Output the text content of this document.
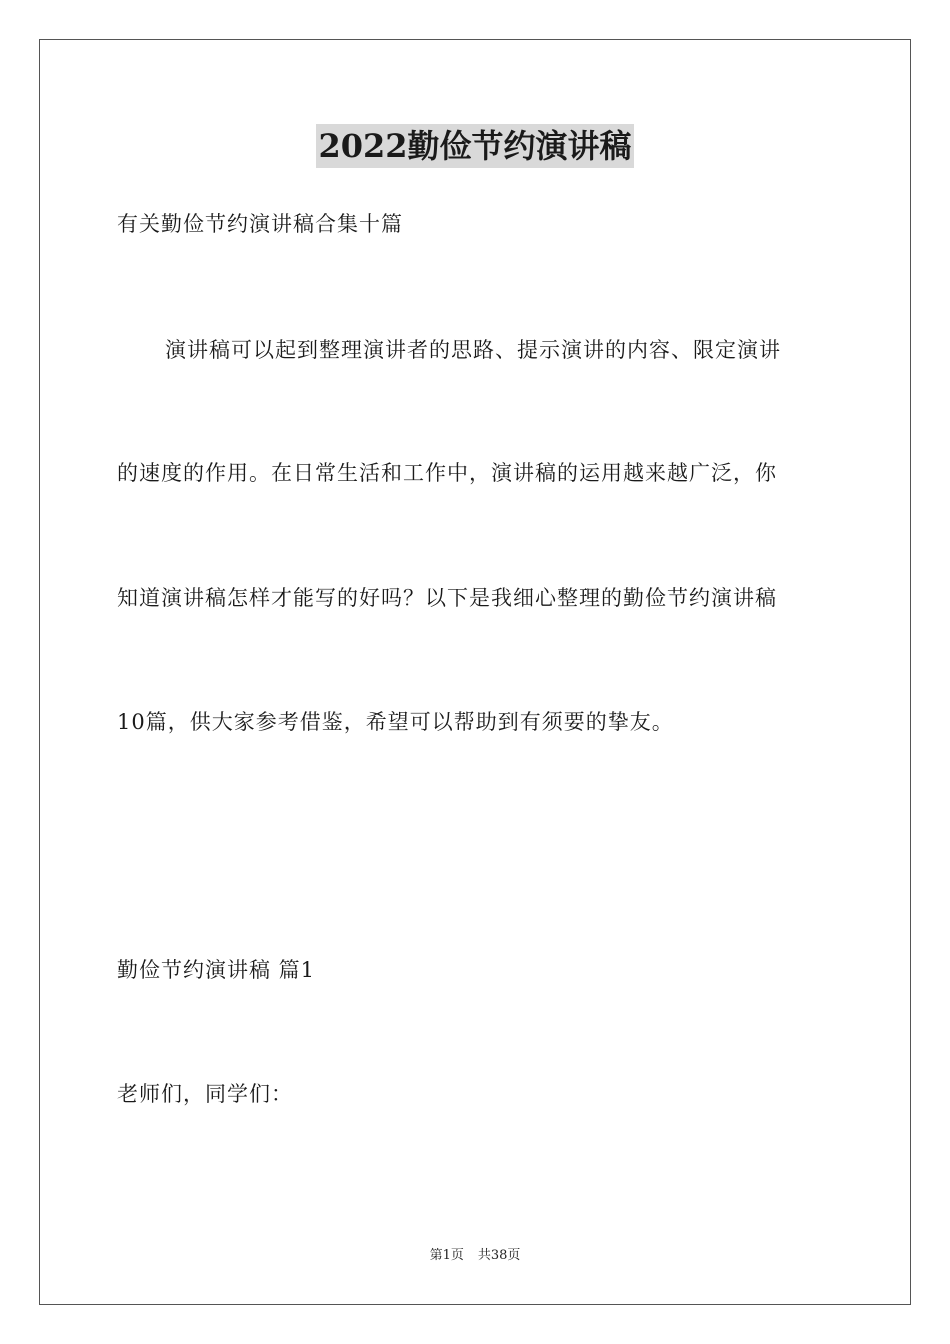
2022勤俭节约演讲稿
有关勤俭节约演讲稿合集十篇
演讲稿可以起到整理演讲者的思路、提示演讲的内容、限定演讲
的速度的作用。在日常生活和工作中，演讲稿的运用越来越广泛，你
知道演讲稿怎样才能写的好吗？以下是我细心整理的勤俭节约演讲稿
10篇，供大家参考借鉴，希望可以帮助到有须要的挚友。
勤俭节约演讲稿 篇1
老师们，同学们：
第1页 共38页
